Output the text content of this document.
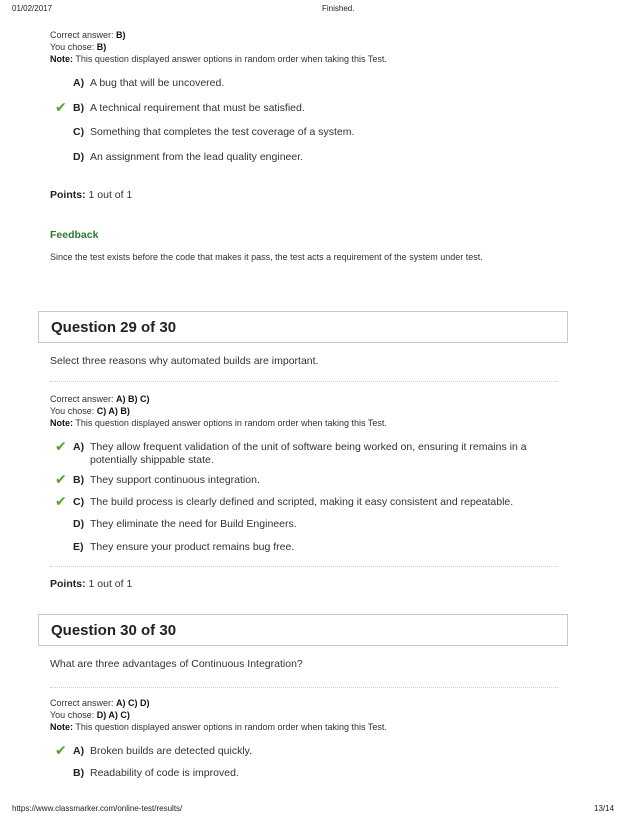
01/02/2017	Finished.
Correct answer: B)
You chose: B)
Note: This question displayed answer options in random order when taking this Test.
A) A bug that will be uncovered.
✔ B) A technical requirement that must be satisfied.
C) Something that completes the test coverage of a system.
D) An assignment from the lead quality engineer.
Points: 1 out of 1
Feedback
Since the test exists before the code that makes it pass, the test acts a requirement of the system under test.
Question 29 of 30
Select three reasons why automated builds are important.
Correct answer: A) B) C)
You chose: C) A) B)
Note: This question displayed answer options in random order when taking this Test.
✔ A) They allow frequent validation of the unit of software being worked on, ensuring it remains in a
potentially shippable state.
✔ B) They support continuous integration.
✔ C) The build process is clearly defined and scripted, making it easy consistent and repeatable.
D) They eliminate the need for Build Engineers.
E) They ensure your product remains bug free.
Points: 1 out of 1
Question 30 of 30
What are three advantages of Continuous Integration?
Correct answer: A) C) D)
You chose: D) A) C)
Note: This question displayed answer options in random order when taking this Test.
✔ A) Broken builds are detected quickly.
B) Readability of code is improved.
https://www.classmarker.com/online-test/results/	13/14
